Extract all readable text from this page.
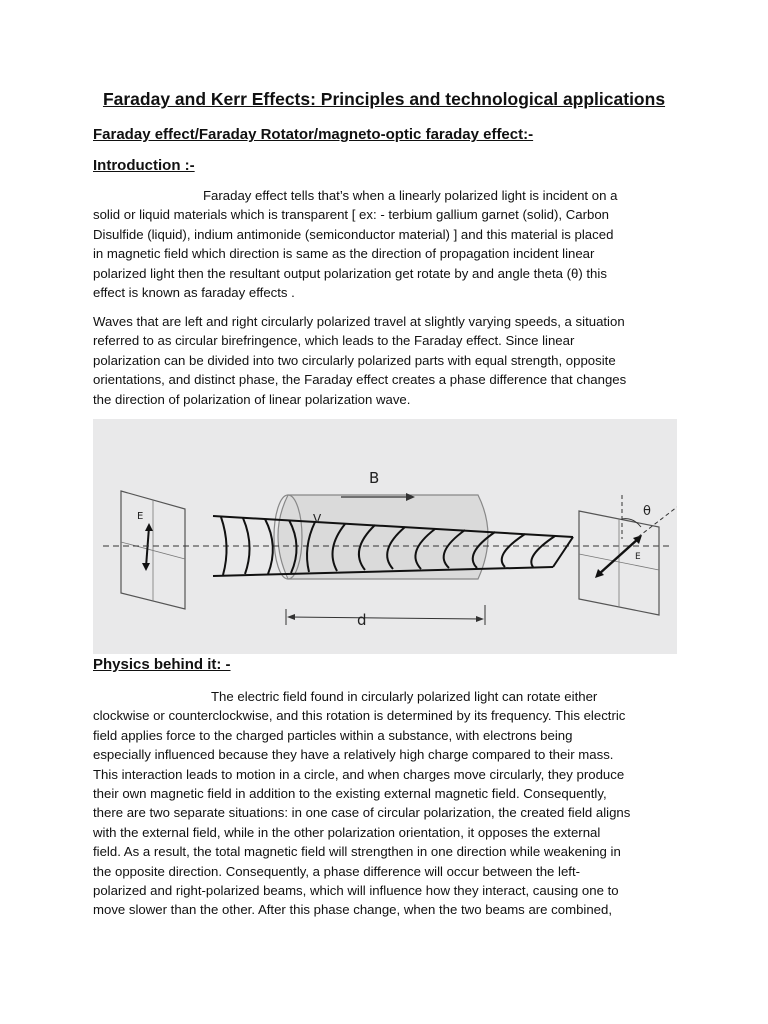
Faraday and Kerr Effects: Principles and technological applications
Faraday effect/Faraday Rotator/magneto-optic faraday effect:-
Introduction :-

Faraday effect tells that’s when a linearly polarized light is incident on a
solid or liquid materials which is transparent [ ex: - terbium gallium garnet (solid), Carbon
Disulfide (liquid), indium antimonide (semiconductor material) ] and this material is placed
in magnetic field which direction is same as the direction of propagation incident linear
polarized light then the resultant output polarization get rotate by and angle theta (θ) this
effect is known as faraday effects .

Waves that are left and right circularly polarized travel at slightly varying speeds, a situation
referred to as circular birefringence, which leads to the Faraday effect. Since linear
polarization can be divided into two circularly polarized parts with equal strength, opposite
orientations, and distinct phase, the Faraday effect creates a phase difference that changes
the direction of polarization of linear polarization wave.

E
B
V
d
E
θ
Physics behind it: -

The electric field found in circularly polarized light can rotate either
clockwise or counterclockwise, and this rotation is determined by its frequency. This electric
field applies force to the charged particles within a substance, with electrons being
especially influenced because they have a relatively high charge compared to their mass.
This interaction leads to motion in a circle, and when charges move circularly, they produce
their own magnetic field in addition to the existing external magnetic field. Consequently,
there are two separate situations: in one case of circular polarization, the created field aligns
with the external field, while in the other polarization orientation, it opposes the external
field. As a result, the total magnetic field will strengthen in one direction while weakening in
the opposite direction. Consequently, a phase difference will occur between the left-
polarized and right-polarized beams, which will influence how they interact, causing one to
move slower than the other. After this phase change, when the two beams are combined,
